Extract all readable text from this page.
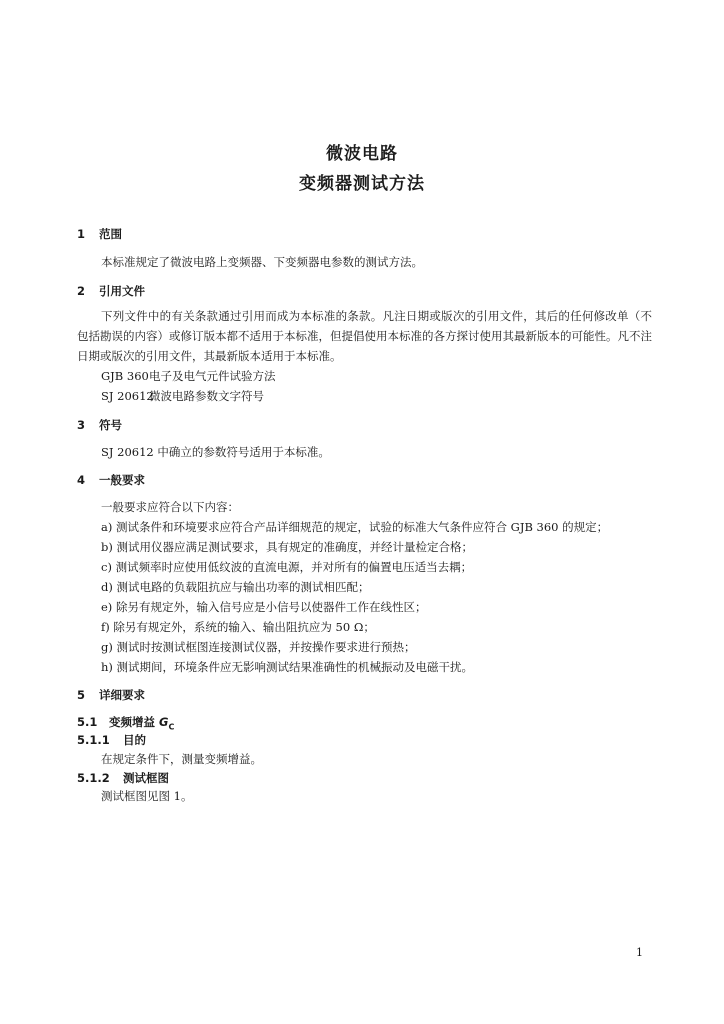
微波电路
变频器测试方法
1 范围
本标准规定了微波电路上变频器、下变频器电参数的测试方法。
2 引用文件
下列文件中的有关条款通过引用而成为本标准的条款。凡注日期或版次的引用文件，其后的任何修改单（不包括勘误的内容）或修订版本都不适用于本标准，但提倡使用本标准的各方探讨使用其最新版本的可能性。凡不注日期或版次的引用文件，其最新版本适用于本标准。
GJB 360电子及电气元件试验方法
SJ 20612微波电路参数文字符号
3 符号
SJ 20612 中确立的参数符号适用于本标准。
4 一般要求
一般要求应符合以下内容：
a) 测试条件和环境要求应符合产品详细规范的规定，试验的标准大气条件应符合 GJB 360 的规定；
b) 测试用仪器应满足测试要求，具有规定的准确度，并经计量检定合格；
c) 测试频率时应使用低纹波的直流电源，并对所有的偏置电压适当去耦；
d) 测试电路的负载阻抗应与输出功率的测试相匹配；
e) 除另有规定外，输入信号应是小信号以使器件工作在线性区；
f) 除另有规定外，系统的输入、输出阻抗应为 50 Ω；
g) 测试时按测试框图连接测试仪器，并按操作要求进行预热；
h) 测试期间，环境条件应无影响测试结果准确性的机械振动及电磁干扰。
5 详细要求
5.1 变频增益 $G_C$
5.1.1 目的
在规定条件下，测量变频增益。
5.1.2 测试框图
测试框图见图 1。
1
